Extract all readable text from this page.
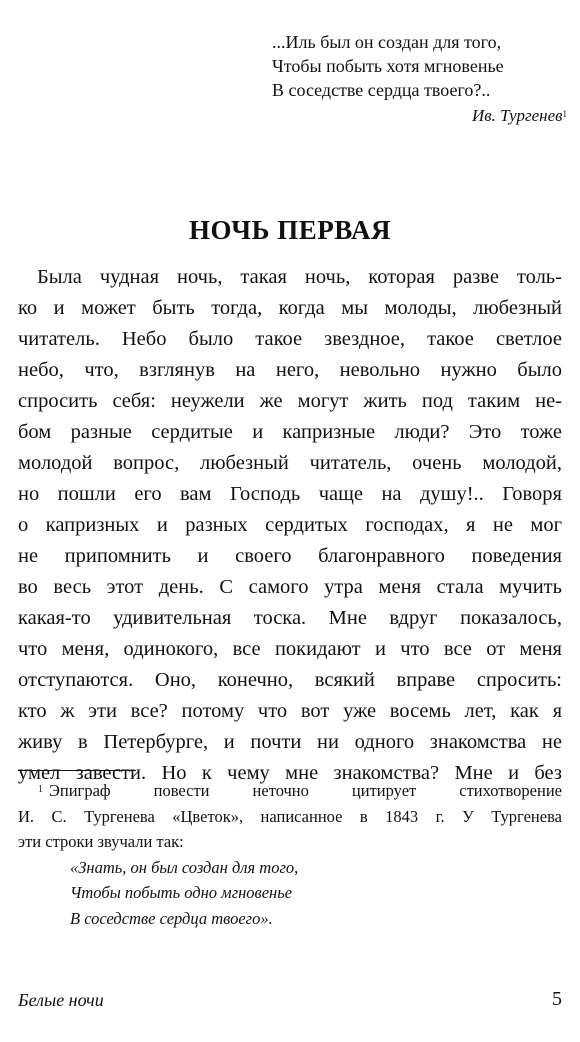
...Иль был он создан для того,
Чтобы побыть хотя мгновенье
В соседстве сердца твоего?..
Ив. Тургенев$^1$
НОЧЬ ПЕРВАЯ
Была чудная ночь, такая ночь, которая разве толь-
ко и может быть тогда, когда мы молоды, любезный
читатель. Небо было такое звездное, такое светлое
небо, что, взглянув на него, невольно нужно было
спросить себя: неужели же могут жить под таким не-
бом разные сердитые и капризные люди? Это тоже
молодой вопрос, любезный читатель, очень молодой,
но пошли его вам Господь чаще на душу!.. Говоря
о капризных и разных сердитых господах, я не мог
не припомнить и своего благонравного поведения
во весь этот день. С самого утра меня стала мучить
какая-то удивительная тоска. Мне вдруг показалось,
что меня, одинокого, все покидают и что все от меня
отступаются. Оно, конечно, всякий вправе спросить:
кто ж эти все? потому что вот уже восемь лет, как я
живу в Петербурге, и почти ни одного знакомства не
умел завести. Но к чему мне знакомства? Мне и без
$^1$ Эпиграф повести неточно цитирует стихотворение
И. С. Тургенева «Цветок», написанное в 1843 г. У Тургенева
эти строки звучали так:
«Знать, он был создан для того,
Чтобы побыть одно мгновенье
В соседстве сердца твоего».
Белые ночи	5
